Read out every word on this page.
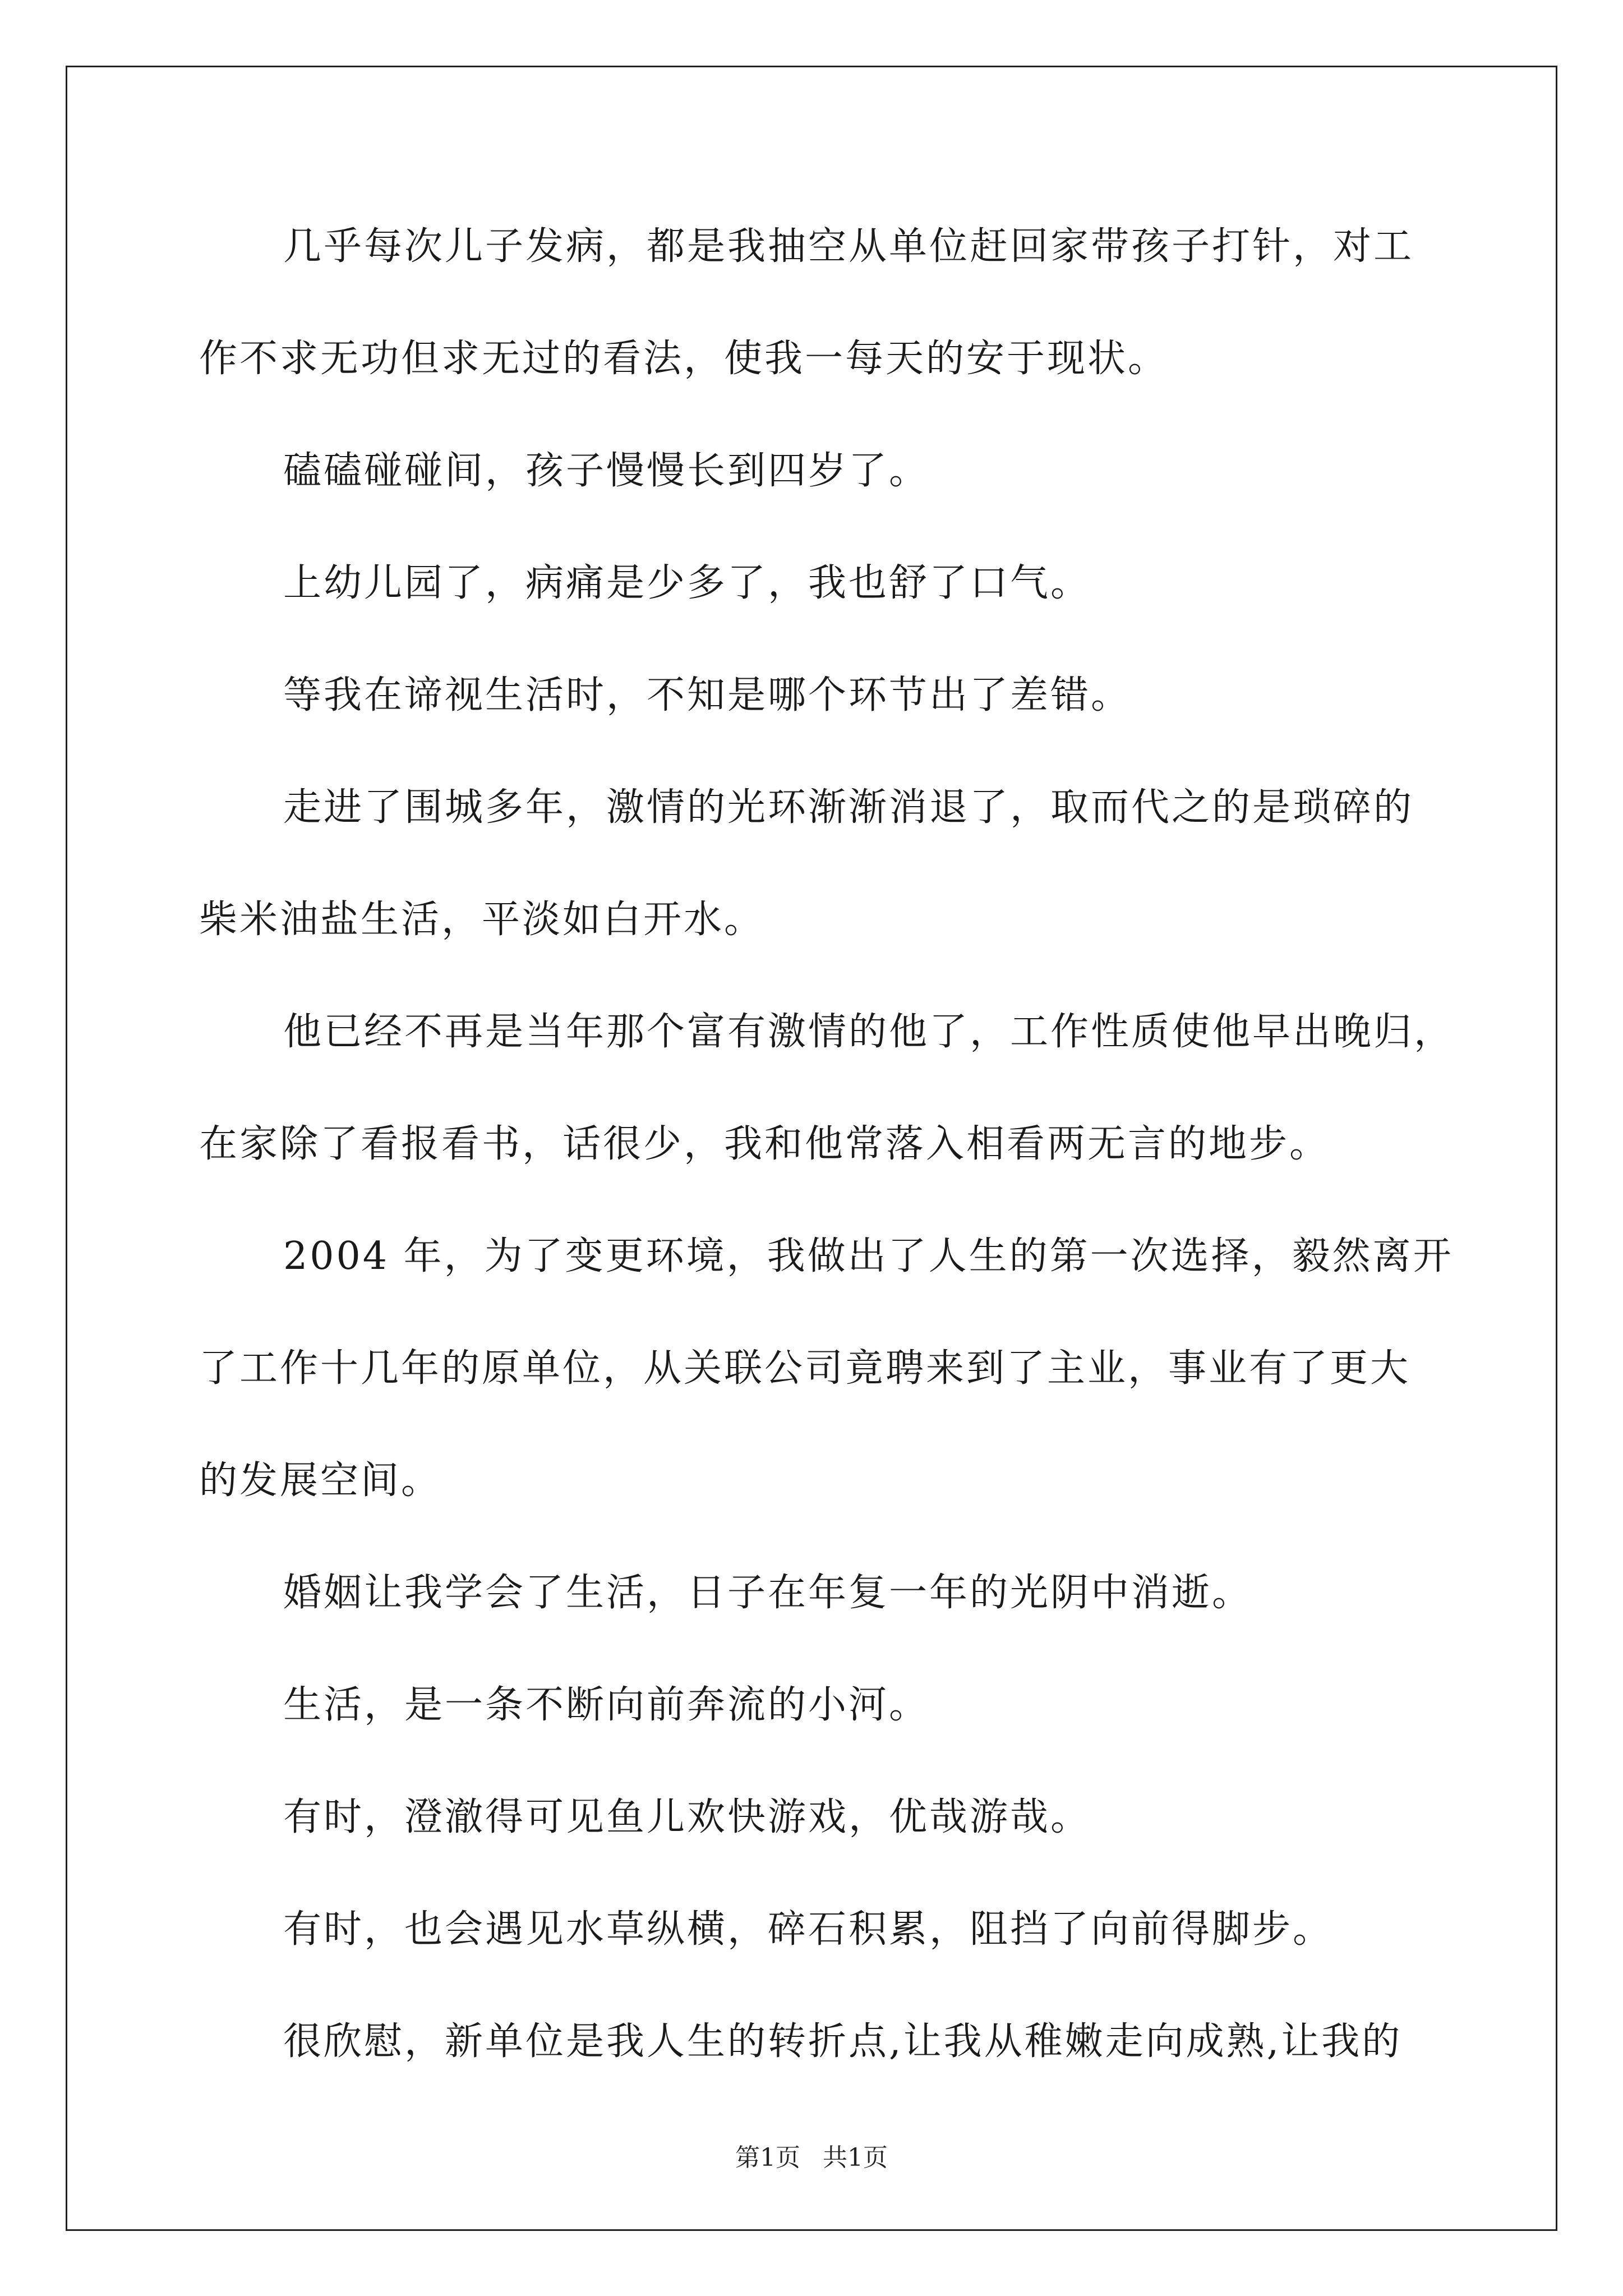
几乎每次儿子发病，都是我抽空从单位赶回家带孩子打针，对工
作不求无功但求无过的看法，使我一每天的安于现状。
磕磕碰碰间，孩子慢慢长到四岁了。
上幼儿园了，病痛是少多了，我也舒了口气。
等我在谛视生活时，不知是哪个环节出了差错。
走进了围城多年，激情的光环渐渐消退了，取而代之的是琐碎的
柴米油盐生活，平淡如白开水。
他已经不再是当年那个富有激情的他了，工作性质使他早出晚归，
在家除了看报看书，话很少，我和他常落入相看两无言的地步。
2004 年，为了变更环境，我做出了人生的第一次选择，毅然离开
了工作十几年的原单位，从关联公司竟聘来到了主业，事业有了更大
的发展空间。
婚姻让我学会了生活，日子在年复一年的光阴中消逝。
生活，是一条不断向前奔流的小河。
有时，澄澈得可见鱼儿欢快游戏，优哉游哉。
有时，也会遇见水草纵横，碎石积累，阻挡了向前得脚步。
很欣慰，新单位是我人生的转折点,让我从稚嫩走向成熟,让我的
第1页 共1页
